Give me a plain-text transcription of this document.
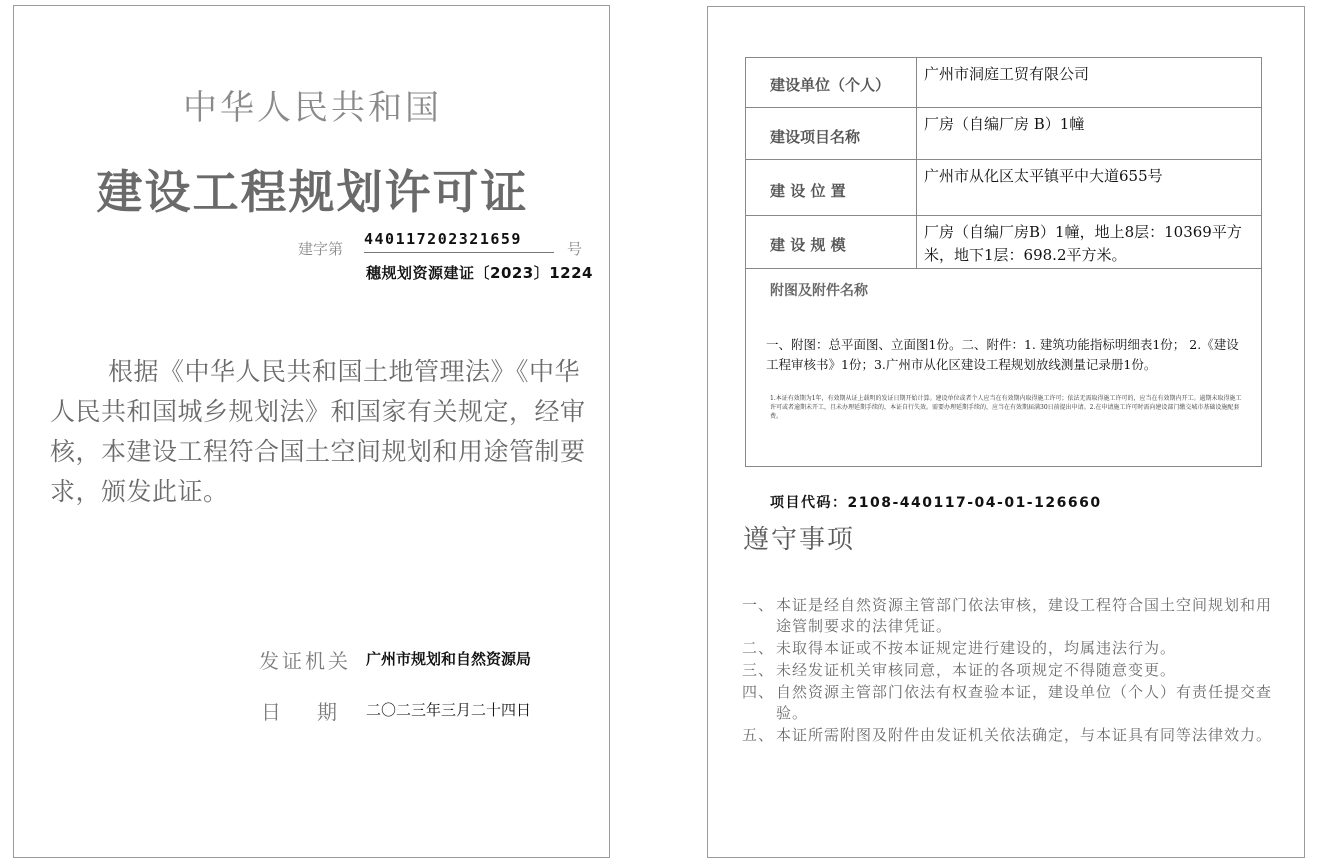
中华人民共和国
建设工程规划许可证
建字第
440117202321659
号
穗规划资源建证〔2023〕1224
根据《中华人民共和国土地管理法》《中华人民共和国城乡规划法》和国家有关规定，经审核，本建设工程符合国土空间规划和用途管制要求，颁发此证。
发证机关 广州市规划和自然资源局
日期
二〇二三年三月二十四日
建设单位（个人）
广州市洞庭工贸有限公司
建设项目名称
厂房（自编厂房 B）1幢
建 设 位 置
广州市从化区太平镇平中大道655号
建 设 规 模
厂房（自编厂房B）1幢，地上8层：10369平方米，地下1层：698.2平方米。
附图及附件名称
一、附图：总平面图、立面图1份。二、附件：1. 建筑功能指标明细表1份； 2.《建设工程审核书》1份；3.广州市从化区建设工程规划放线测量记录册1份。
1.本证有效期为1年，有效期从证上载明的发证日期开始计算。建设单位或者个人应当在有效期内取得施工许可；依法无需取得施工许可的，应当在有效期内开工。逾期未取得施工许可或者逾期未开工，且未办理延期手续的，本证自行失效。需要办理延期手续的，应当在有效期届满30日前提出申请。2.在申请施工许可时需向建设部门缴交城市基础设施配套费。
项目代码：2108-440117-04-01-126660
遵守事项
一、 本证是经自然资源主管部门依法审核，建设工程符合国土空间规划和用途管制要求的法律凭证。
二、 未取得本证或不按本证规定进行建设的，均属违法行为。
三、 未经发证机关审核同意，本证的各项规定不得随意变更。
四、 自然资源主管部门依法有权查验本证，建设单位（个人）有责任提交查验。
五、 本证所需附图及附件由发证机关依法确定，与本证具有同等法律效力。
